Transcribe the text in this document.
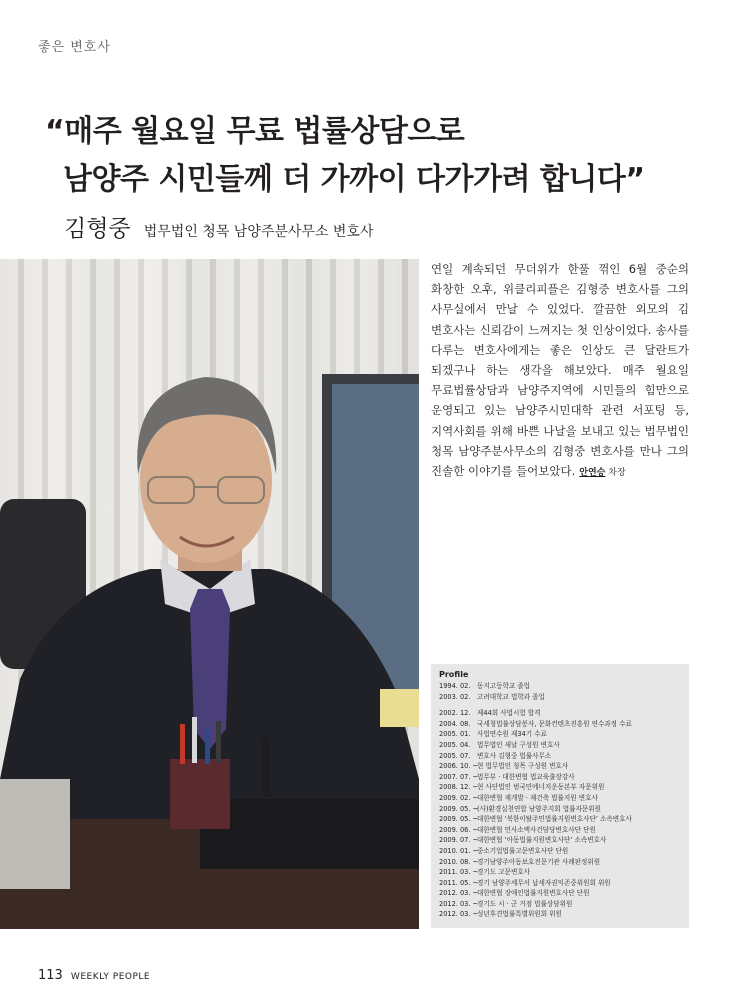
좋은 변호사
“매주 월요일 무료 법률상담으로
남양주 시민들께 더 가까이 다가가려 합니다”
김형중 법무법인 청목 남양주분사무소 변호사
연일 계속되던 무더위가 한풀 꺾인 6월 중순의 화창한 오후, 위클리피플은 김형중 변호사를 그의 사무실에서 만날 수 있었다. 깔끔한 외모의 김 변호사는 신뢰감이 느껴지는 첫 인상이었다. 송사를 다루는 변호사에게는 좋은 인상도 큰 달란트가 되겠구나 하는 생각을 해보았다. 매주 월요일 무료법률상담과 남양주지역에 시민들의 힘만으로 운영되고 있는 남양주시민대학 관련 서포팅 등, 지역사회를 위해 바쁜 나날을 보내고 있는 법무법인 청목 남양주분사무소의 김형중 변호사를 만나 그의 진솔한 이야기를 들어보았다. 안연승 차장
Profile
1994. 02. 동지고등학교 졸업
2003. 02. 고려대학교 법학과 졸업
2002. 12. 제44회 사법시험 합격
2004. 08. 국세청법률상담봉사, 문화컨텐츠진흥원 연수과정 수료
2005. 01. 사법연수원 제34기 수료
2005. 04. 법무법인 새날 구성원 변호사
2005. 07. 변호사 김형중 법률사무소
2006. 10. ~
현 법무법인 청목 구성원 변호사
2007. 07. ~
법무부 · 대한변협 법교육출장강사
2008. 12. ~
현 사단법인 범국민에너지운동본부 자문위원
2009. 02. ~
대한변협 재개발 · 재건축 법률지원 변호사
2009. 05. ~
(사)환경실천연합 남양주지회 법률자문위원
2009. 05. ~
대한변협 ‘북한이탈주민법률지원변호사단’ 소속변호사
2009. 06. ~
대한변협 민사소액사건담당변호사단 단원
2009. 07. ~
대한변협 ‘아동법률지원변호사단’ 소속변호사
2010. 01. ~
중소기업법률고문변호사단 단원
2010. 08. ~
경기남양주아동보호전문기관 사례판정위원
2011. 03. ~
경기도 고문변호사
2011. 05. ~
경기 남양주세무서 납세자권익존중위원회 위원
2012. 03. ~
대한변협 장애인법률지원변호사단 단원
2012. 03. ~
경기도 시 · 군 거점 법률상담위원
2012. 03. ~
성년후견법률특별위원회 위원
113 WEEKLY PEOPLE
